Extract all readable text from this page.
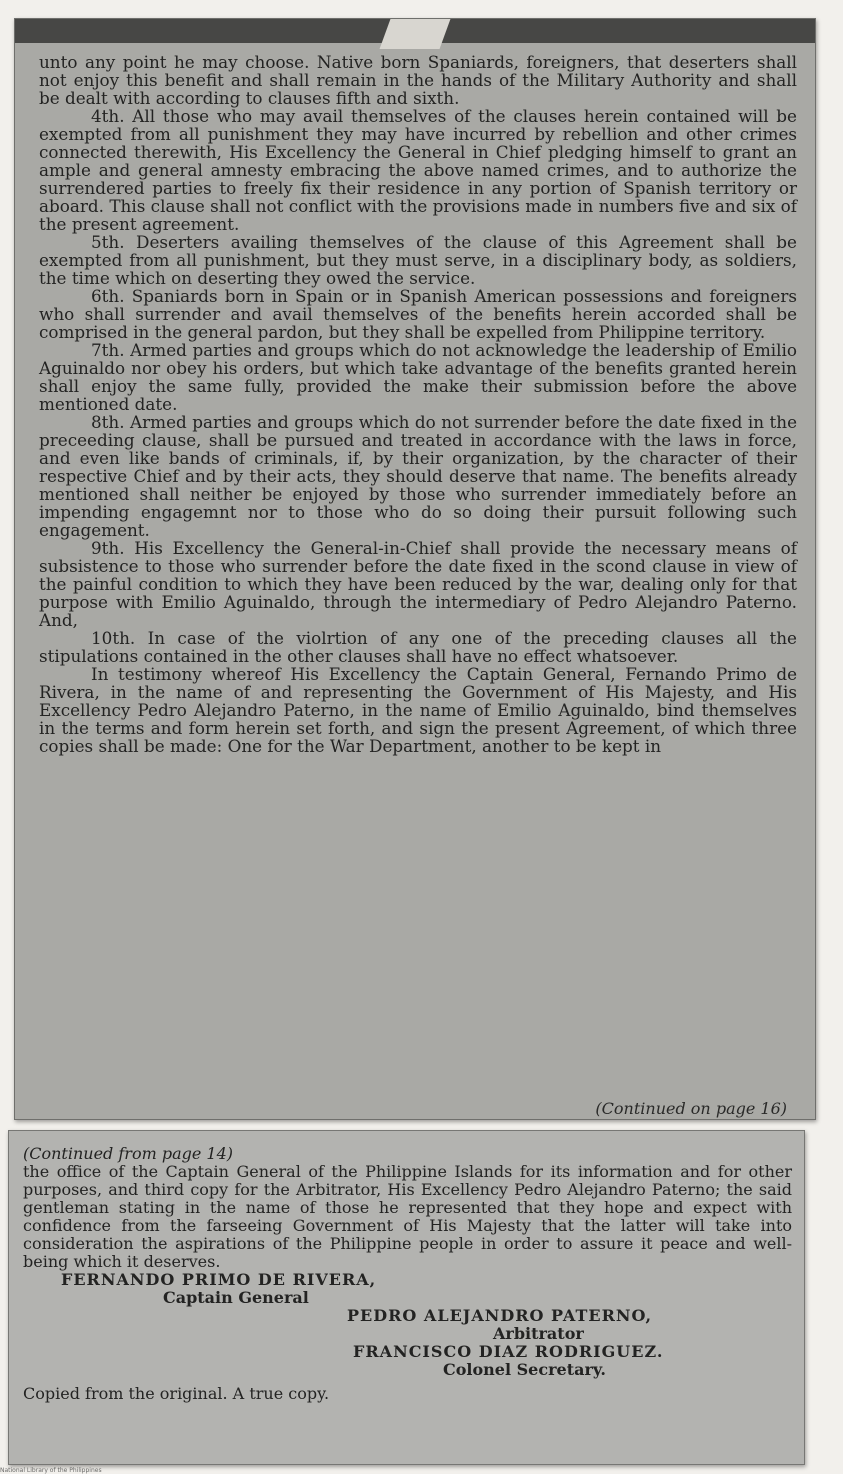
unto any point he may choose. Native born Spaniards, foreigners, that deserters shall not enjoy this benefit and shall remain in the hands of the Military Authority and shall be dealt with according to clauses fifth and sixth.

4th. All those who may avail themselves of the clauses herein contained will be exempted from all punishment they may have incurred by rebellion and other crimes connected therewith, His Excellency the General in Chief pledging himself to grant an ample and general amnesty embracing the above named crimes, and to authorize the surrendered parties to freely fix their residence in any portion of Spanish territory or aboard. This clause shall not conflict with the provisions made in numbers five and six of the present agreement.

5th. Deserters availing themselves of the clause of this Agreement shall be exempted from all punishment, but they must serve, in a disciplinary body, as soldiers, the time which on deserting they owed the service.

6th. Spaniards born in Spain or in Spanish American possessions and foreigners who shall surrender and avail themselves of the benefits herein accorded shall be comprised in the general pardon, but they shall be expelled from Philippine territory.

7th. Armed parties and groups which do not acknowledge the leadership of Emilio Aguinaldo nor obey his orders, but which take advantage of the benefits granted herein shall enjoy the same fully, provided the make their submission before the above mentioned date.

8th. Armed parties and groups which do not surrender before the date fixed in the preceeding clause, shall be pursued and treated in accordance with the laws in force, and even like bands of criminals, if, by their organization, by the character of their respective Chief and by their acts, they should deserve that name. The benefits already mentioned shall neither be enjoyed by those who surrender immediately before an impending engagemnt nor to those who do so doing their pursuit following such engagement.

9th. His Excellency the General-in-Chief shall provide the necessary means of subsistence to those who surrender before the date fixed in the scond clause in view of the painful condition to which they have been reduced by the war, dealing only for that purpose with Emilio Aguinaldo, through the intermediary of Pedro Alejandro Paterno. And,

10th. In case of the violrtion of any one of the preceding clauses all the stipulations contained in the other clauses shall have no effect whatsoever.

In testimony whereof His Excellency the Captain General, Fernando Primo de Rivera, in the name of and representing the Government of His Majesty, and His Excellency Pedro Alejandro Paterno, in the name of Emilio Aguinaldo, bind themselves in the terms and form herein set forth, and sign the present Agreement, of which three copies shall be made: One for the War Department, another to be kept in

(Continued on page 16)

(Continued from page 14)

the office of the Captain General of the Philippine Islands for its information and for other purposes, and third copy for the Arbitrator, His Excellency Pedro Alejandro Paterno; the said gentleman stating in the name of those he represented that they hope and expect with confidence from the farseeing Government of His Majesty that the latter will take into consideration the aspirations of the Philippine people in order to assure it peace and well-being which it deserves.

FERNANDO PRIMO DE RIVERA,

Captain General

PEDRO ALEJANDRO PATERNO,

Arbitrator

FRANCISCO DIAZ RODRIGUEZ.

Colonel Secretary.

Copied from the original. A true copy.

National Library of the Philippines
